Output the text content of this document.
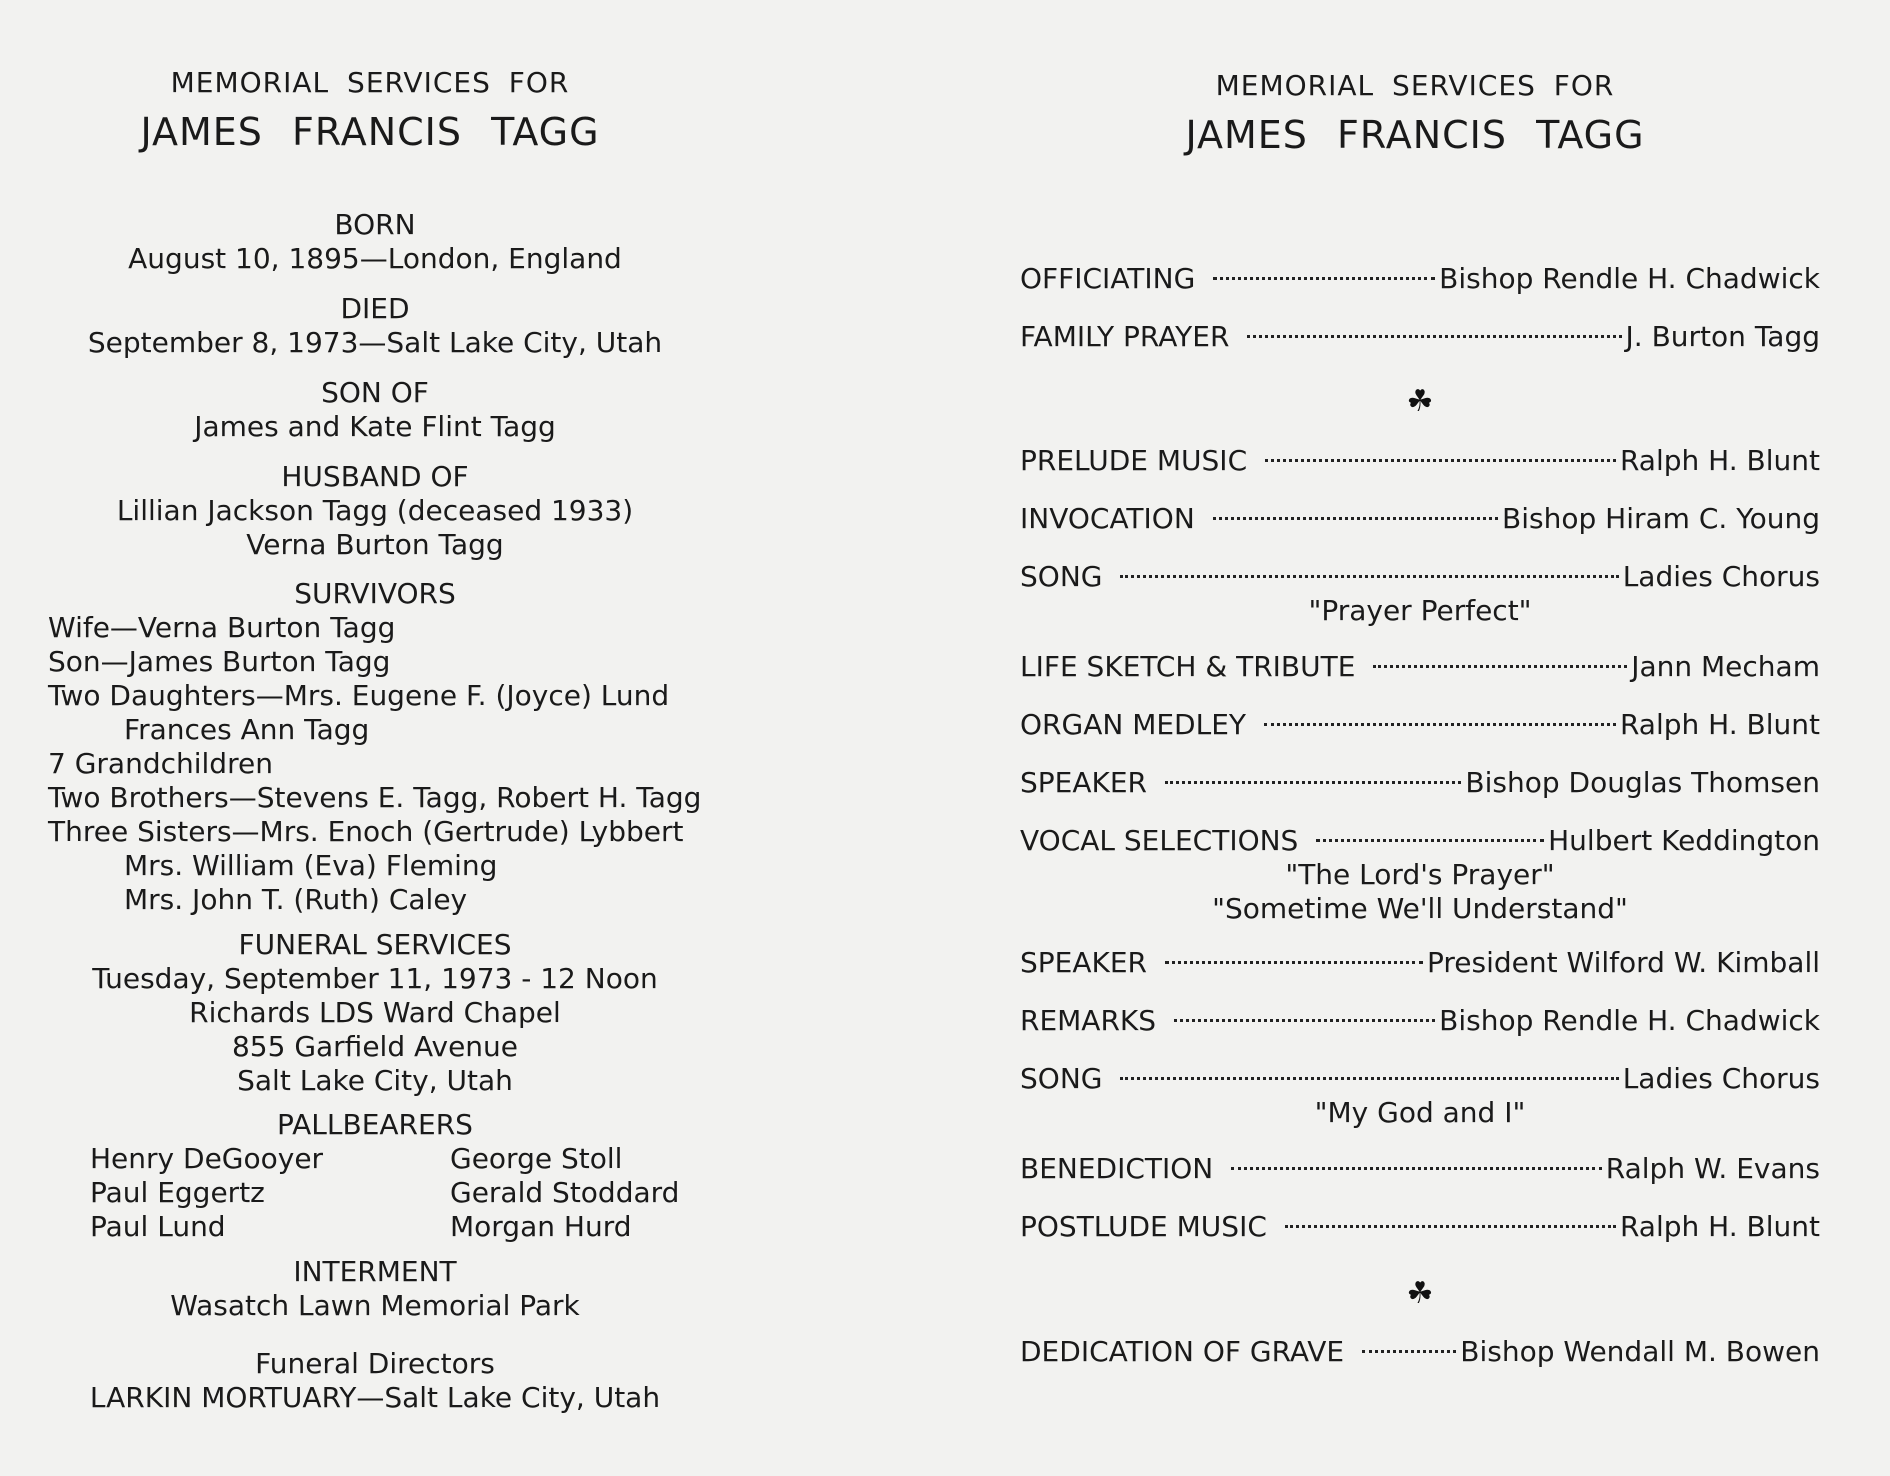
MEMORIAL SERVICES FOR
JAMES FRANCIS TAGG
BORN
August 10, 1895—London, England
DIED
September 8, 1973—Salt Lake City, Utah
SON OF
James and Kate Flint Tagg
HUSBAND OF
Lillian Jackson Tagg (deceased 1933)
Verna Burton Tagg
SURVIVORS
Wife—Verna Burton Tagg
Son—James Burton Tagg
Two Daughters—Mrs. Eugene F. (Joyce) Lund
Frances Ann Tagg
7 Grandchildren
Two Brothers—Stevens E. Tagg, Robert H. Tagg
Three Sisters—Mrs. Enoch (Gertrude) Lybbert
Mrs. William (Eva) Fleming
Mrs. John T. (Ruth) Caley
FUNERAL SERVICES
Tuesday, September 11, 1973 - 12 Noon
Richards LDS Ward Chapel
855 Garfield Avenue
Salt Lake City, Utah
PALLBEARERS
Henry DeGooyer	George Stoll
Paul Eggertz	Gerald Stoddard
Paul Lund	Morgan Hurd
INTERMENT
Wasatch Lawn Memorial Park
Funeral Directors
LARKIN MORTUARY—Salt Lake City, Utah
MEMORIAL SERVICES FOR
JAMES FRANCIS TAGG
OFFICIATING	Bishop Rendle H. Chadwick
FAMILY PRAYER	J. Burton Tagg
PRELUDE MUSIC	Ralph H. Blunt
INVOCATION	Bishop Hiram C. Young
SONG	Ladies Chorus
"Prayer Perfect"
LIFE SKETCH & TRIBUTE	Jann Mecham
ORGAN MEDLEY	Ralph H. Blunt
SPEAKER	Bishop Douglas Thomsen
VOCAL SELECTIONS	Hulbert Keddington
"The Lord's Prayer"
"Sometime We'll Understand"
SPEAKER	President Wilford W. Kimball
REMARKS	Bishop Rendle H. Chadwick
SONG	Ladies Chorus
"My God and I"
BENEDICTION	Ralph W. Evans
POSTLUDE MUSIC	Ralph H. Blunt
DEDICATION OF GRAVE	Bishop Wendall M. Bowen
☘
☘
